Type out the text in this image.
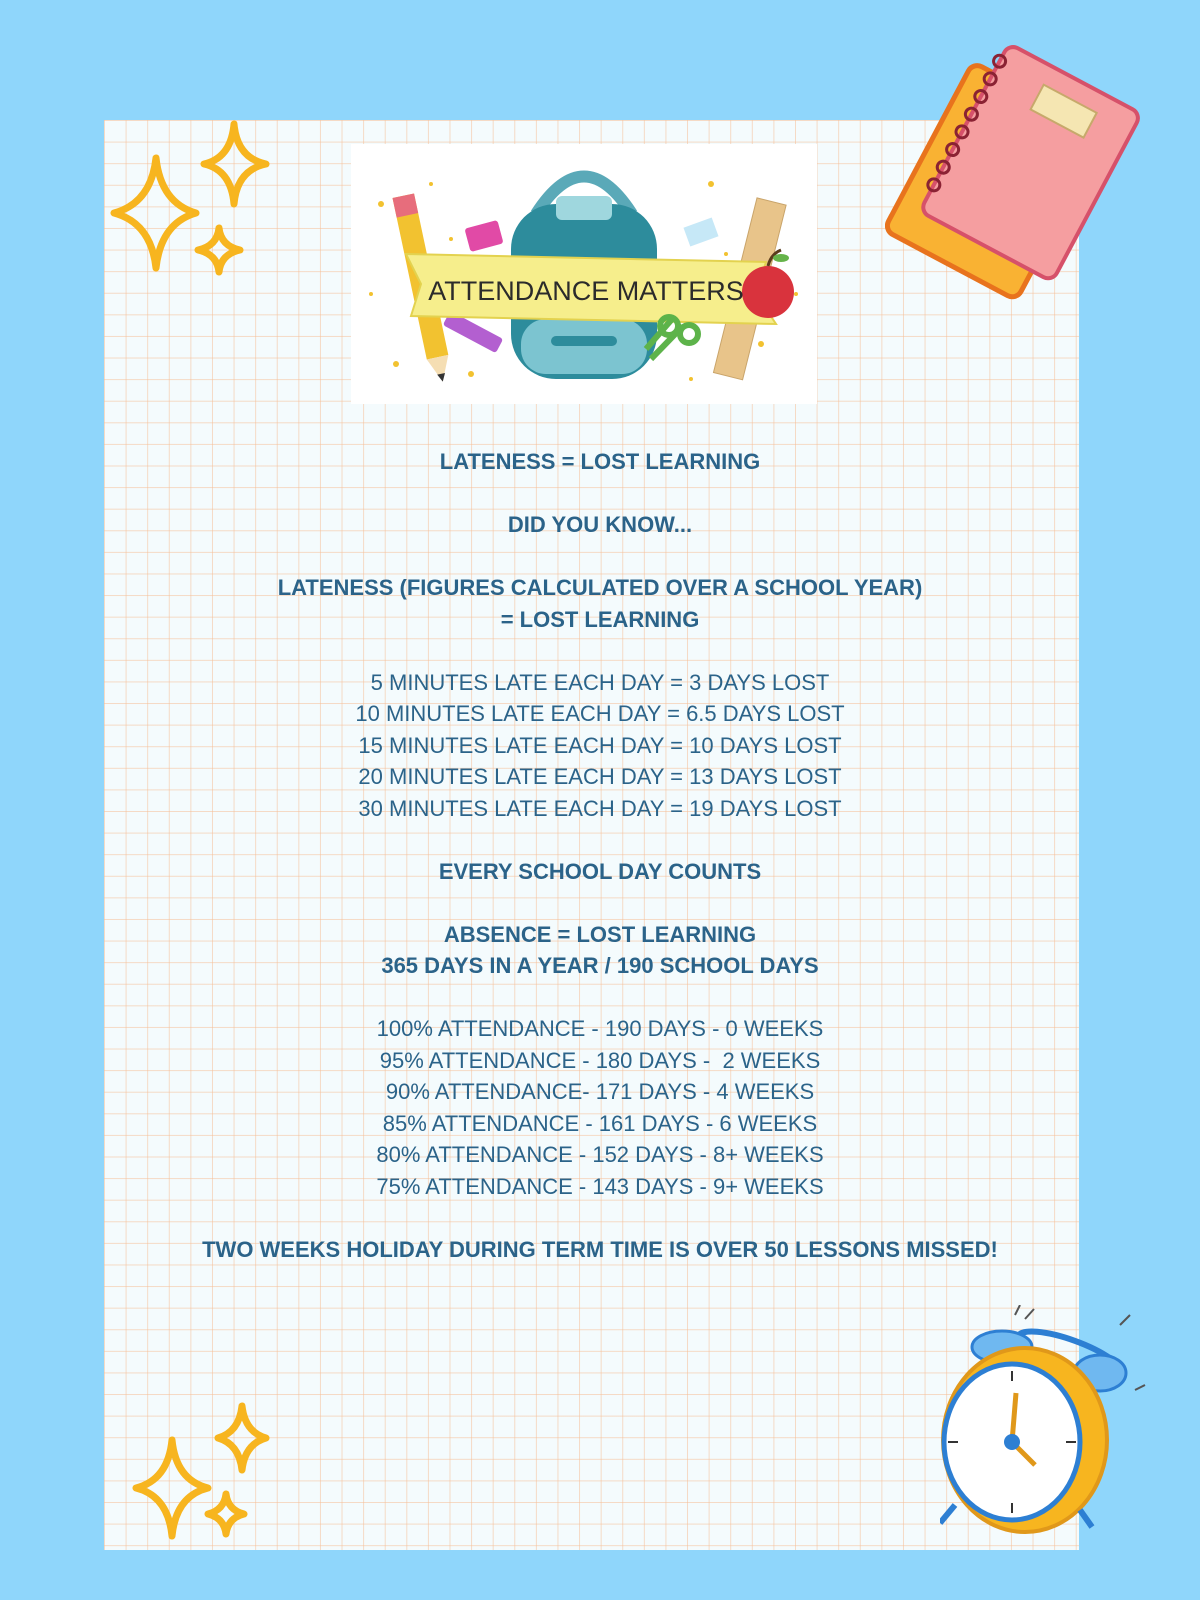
ATTENDANCE MATTERS
LATENESS = LOST LEARNING
DID YOU KNOW...
LATENESS (FIGURES CALCULATED OVER A SCHOOL YEAR)
= LOST LEARNING
5 MINUTES LATE EACH DAY = 3 DAYS LOST
10 MINUTES LATE EACH DAY = 6.5 DAYS LOST
15 MINUTES LATE EACH DAY = 10 DAYS LOST
20 MINUTES LATE EACH DAY = 13 DAYS LOST
30 MINUTES LATE EACH DAY = 19 DAYS LOST
EVERY SCHOOL DAY COUNTS
ABSENCE = LOST LEARNING
365 DAYS IN A YEAR / 190 SCHOOL DAYS
100% ATTENDANCE - 190 DAYS - 0 WEEKS
95% ATTENDANCE - 180 DAYS -  2 WEEKS
90% ATTENDANCE- 171 DAYS - 4 WEEKS
85% ATTENDANCE - 161 DAYS - 6 WEEKS
80% ATTENDANCE - 152 DAYS - 8+ WEEKS
75% ATTENDANCE - 143 DAYS - 9+ WEEKS
TWO WEEKS HOLIDAY DURING TERM TIME IS OVER 50 LESSONS MISSED!
